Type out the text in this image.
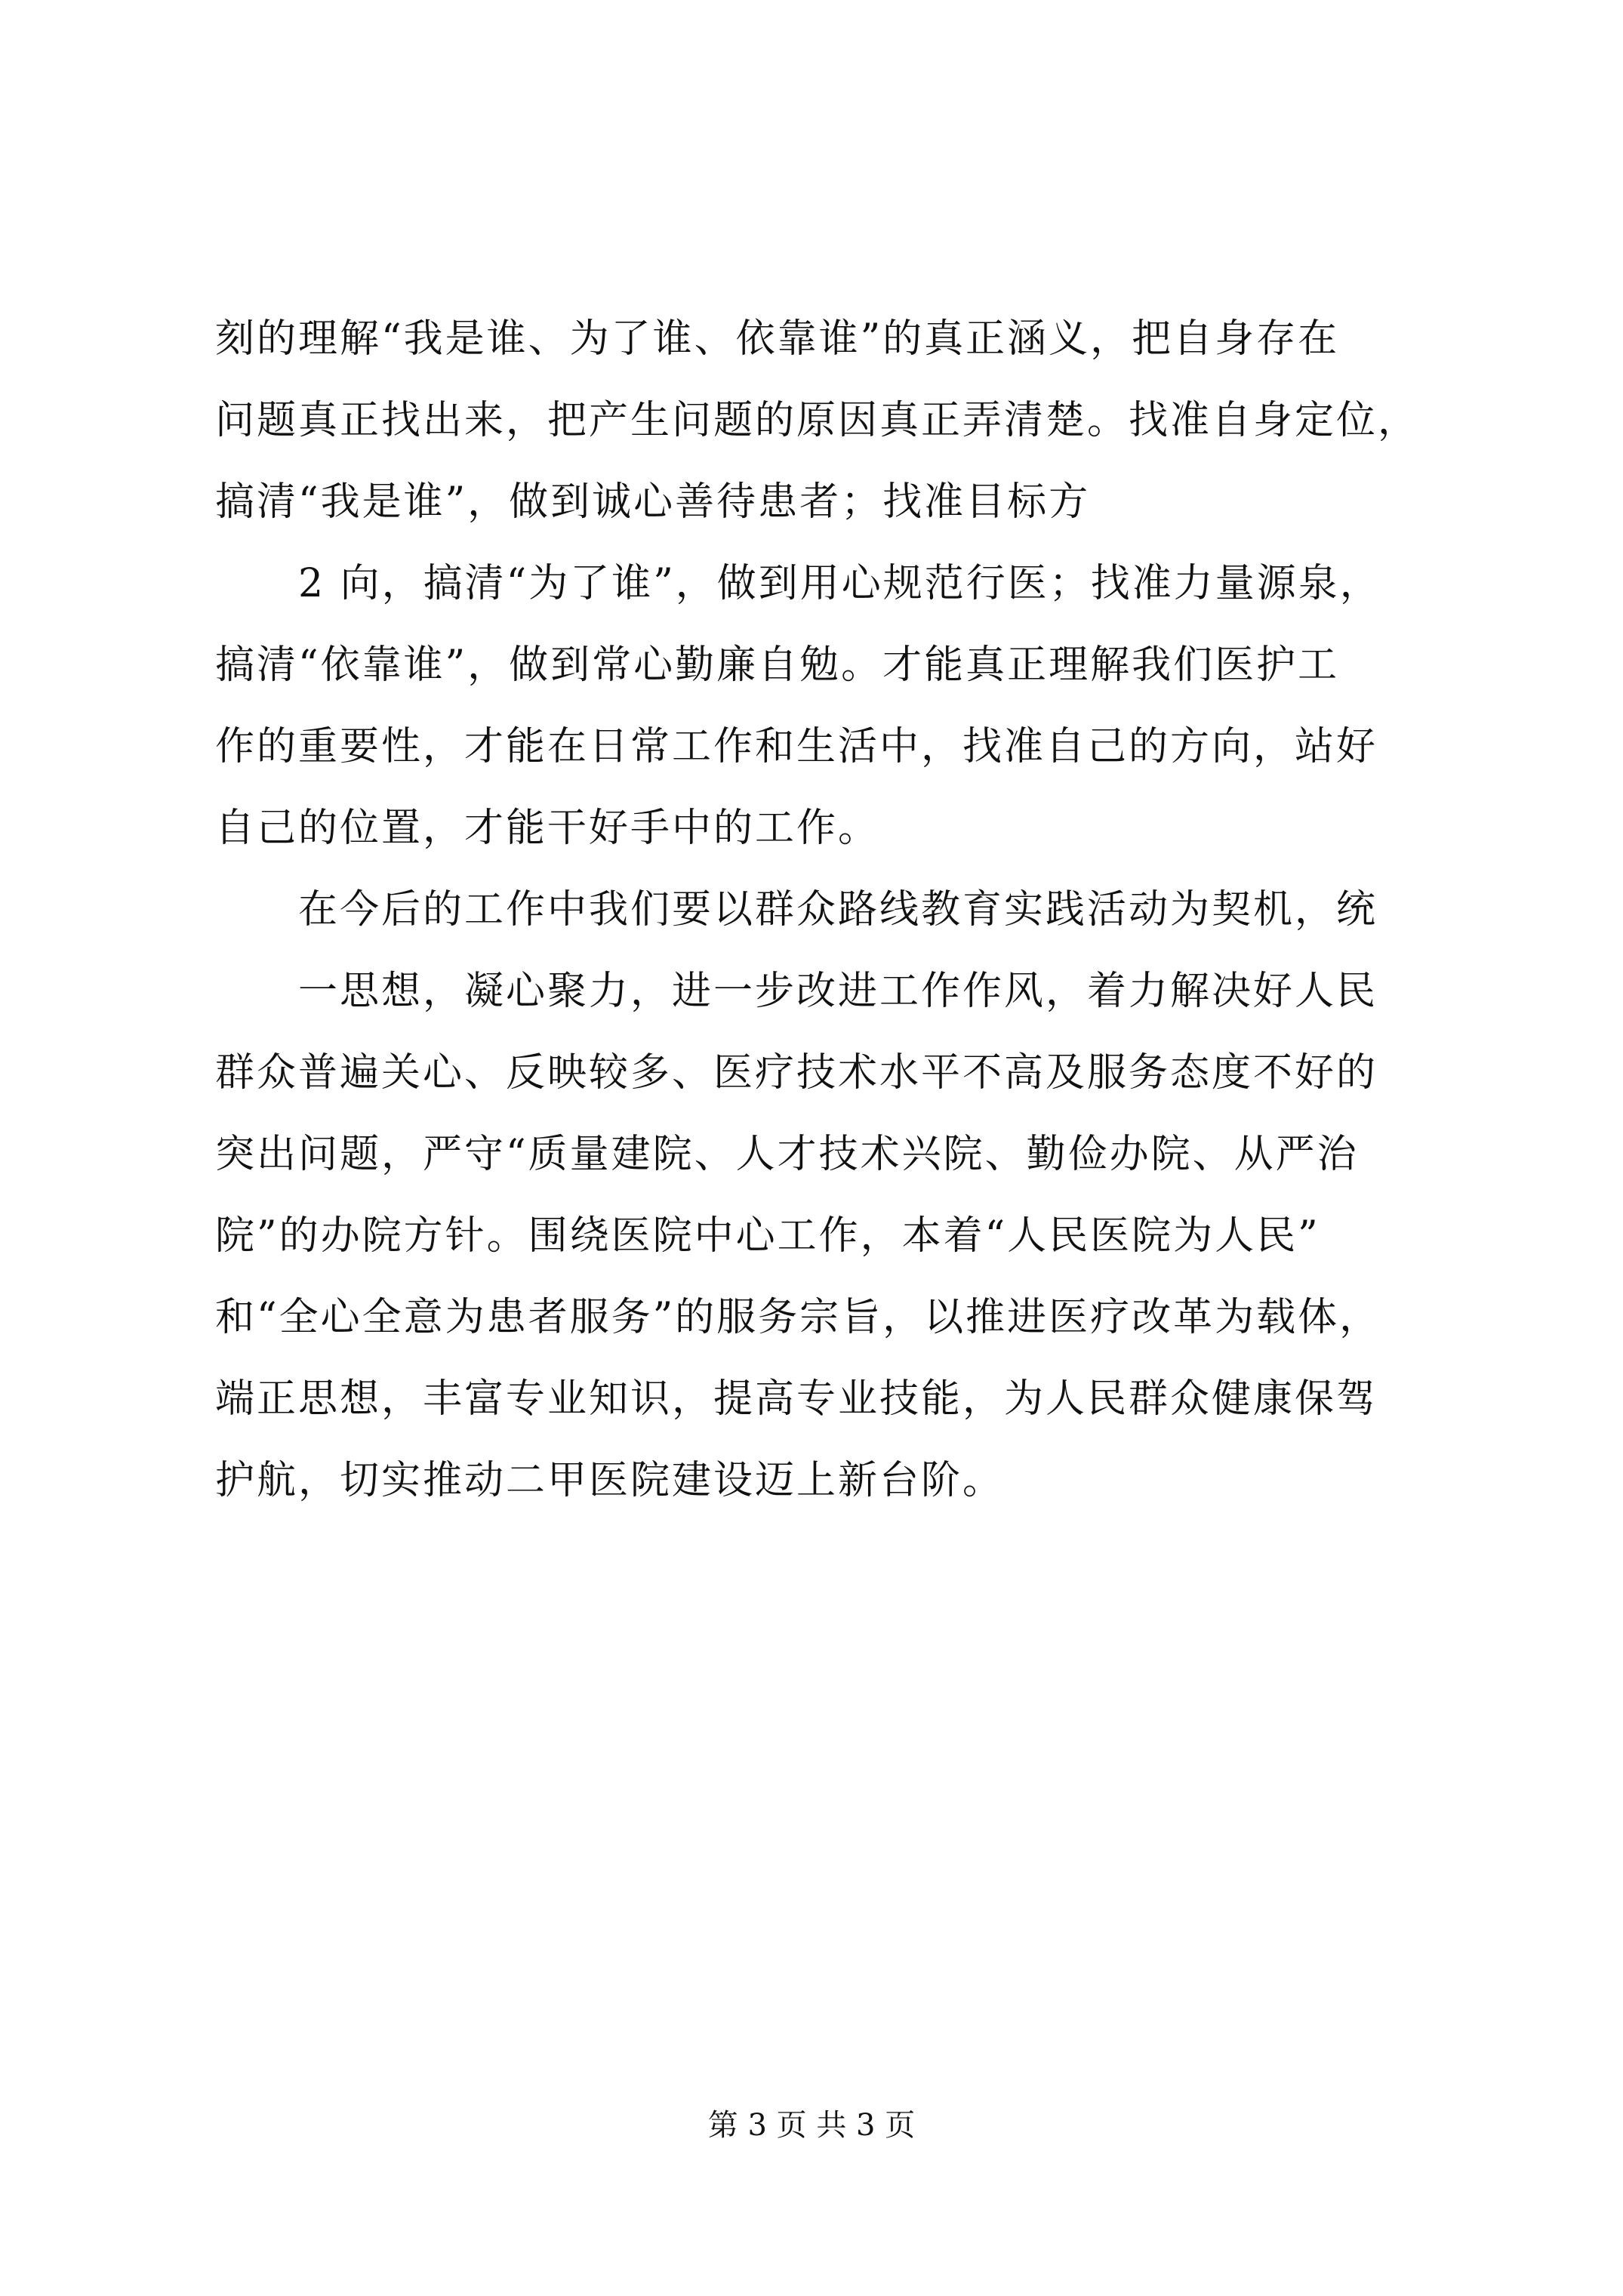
刻的理解“我是谁、为了谁、依靠谁”的真正涵义，把自身存在
问题真正找出来，把产生问题的原因真正弄清楚。找准自身定位，
搞清“我是谁”，做到诚心善待患者；找准目标方
2 向，搞清“为了谁”，做到用心规范行医；找准力量源泉，
搞清“依靠谁”，做到常心勤廉自勉。才能真正理解我们医护工
作的重要性，才能在日常工作和生活中，找准自己的方向，站好
自己的位置，才能干好手中的工作。
在今后的工作中我们要以群众路线教育实践活动为契机，统
一思想，凝心聚力，进一步改进工作作风，着力解决好人民
群众普遍关心、反映较多、医疗技术水平不高及服务态度不好的
突出问题，严守“质量建院、人才技术兴院、勤俭办院、从严治
院”的办院方针。围绕医院中心工作，本着“人民医院为人民”
和“全心全意为患者服务”的服务宗旨，以推进医疗改革为载体，
端正思想，丰富专业知识，提高专业技能，为人民群众健康保驾
护航，切实推动二甲医院建设迈上新台阶。
第 3 页 共 3 页
